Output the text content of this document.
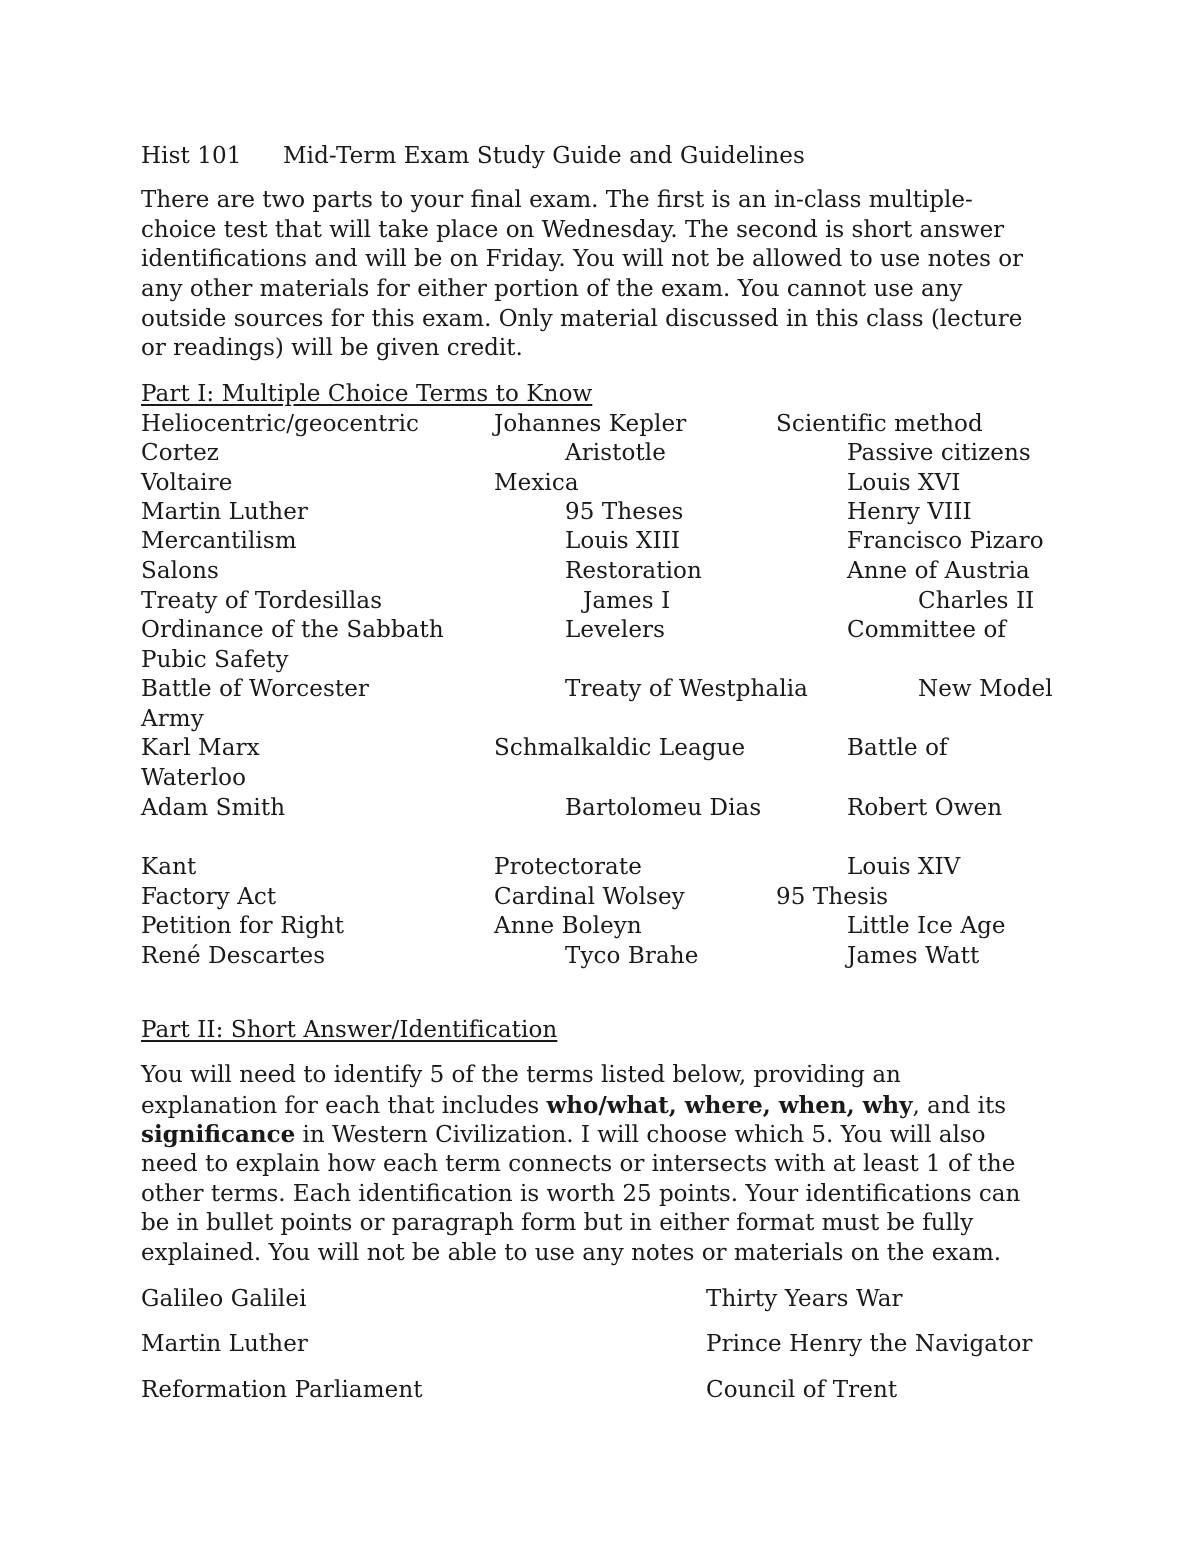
Hist 101 Mid-Term Exam Study Guide and Guidelines
There are two parts to your final exam. The first is an in-class multiple-
choice test that will take place on Wednesday. The second is short answer
identifications and will be on Friday. You will not be allowed to use notes or
any other materials for either portion of the exam. You cannot use any
outside sources for this exam. Only material discussed in this class (lecture
or readings) will be given credit.
Part I: Multiple Choice Terms to Know
Heliocentric/geocentric	Johannes Kepler	Scientific method
Cortez	Aristotle	Passive citizens
Voltaire	Mexica	Louis XVI
Martin Luther	95 Theses	Henry VIII
Mercantilism	Louis XIII	Francisco Pizaro
Salons	Restoration	Anne of Austria
Treaty of Tordesillas	James I	Charles II
Ordinance of the Sabbath	Levelers	Committee of
Pubic Safety
Battle of Worcester	Treaty of Westphalia	New Model
Army
Karl Marx	Schmalkaldic League	Battle of
Waterloo
Adam Smith	Bartolomeu Dias	Robert Owen
Kant	Protectorate	Louis XIV
Factory Act	Cardinal Wolsey	95 Thesis
Petition for Right	Anne Boleyn	Little Ice Age
René Descartes	Tyco Brahe	James Watt
Part II: Short Answer/Identification
You will need to identify 5 of the terms listed below, providing an
explanation for each that includes who/what, where, when, why, and its
significance in Western Civilization. I will choose which 5. You will also
need to explain how each term connects or intersects with at least 1 of the
other terms. Each identification is worth 25 points. Your identifications can
be in bullet points or paragraph form but in either format must be fully
explained. You will not be able to use any notes or materials on the exam.
Galileo Galilei	Thirty Years War
Martin Luther	Prince Henry the Navigator
Reformation Parliament	Council of Trent
